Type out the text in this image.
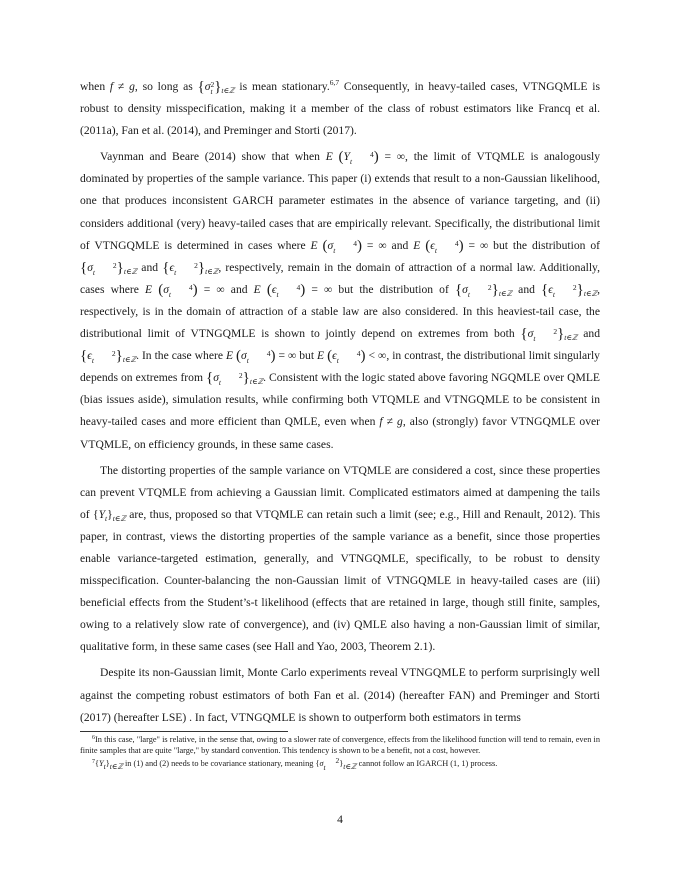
when f ≠ g, so long as {σ2
t }$_{t\in ℤ}$ is mean stationary.$^{6,7}$ Consequently, in heavy-tailed cases, VTNGQMLE is robust to density misspecification, making it a member of the class of robust estimators like Francq et al. (2011a), Fan et al. (2014), and Preminger and Storti (2017).

Vaynman and Beare (2014) show that when E (Y	4
t ) = ∞, the limit of VTQMLE is analogously dominated by properties of the sample variance. This paper (i) extends that result to a non-Gaussian likelihood, one that produces inconsistent GARCH parameter estimates in the absence of variance targeting, and (ii) considers additional (very) heavy-tailed cases that are empirically relevant. Specifically, the distributional limit of VTNGQMLE is determined in cases where E (σ	4
t ) = ∞ and E (ϵ	4
t ) = ∞ but the distribution of {σ	2
t }$_{t\in ℤ}$ and {ϵ	2
t }$_{t\in ℤ}$, respectively, remain in the domain of attraction of a normal law. Additionally, cases where E (σ	4
t ) = ∞ and E (ϵ	4
t ) = ∞ but the distribution of {σ	2
t }$_{t\in ℤ}$ and {ϵ	2
t }$_{t\in ℤ}$, respectively, is in the domain of attraction of a stable law are also considered. In this heaviest-tail case, the distributional limit of VTNGQMLE is shown to jointly depend on extremes from both {σ	2
t }$_{t\in ℤ}$ and {ϵ	2
t }$_{t\in ℤ}$. In the case where E (σ	4
t ) = ∞ but E (ϵ	4
t ) < ∞, in contrast, the distributional limit singularly depends on extremes from {σ	2
t }$_{t\in ℤ}$. Consistent with the logic stated above favoring NGQMLE over QMLE (bias issues aside), simulation results, while confirming both VTQMLE and VTNGQMLE to be consistent in heavy-tailed cases and more efficient than QMLE, even when f ≠ g, also (strongly) favor VTNGQMLE over VTQMLE, on efficiency grounds, in these same cases.

The distorting properties of the sample variance on VTQMLE are considered a cost, since these properties can prevent VTQMLE from achieving a Gaussian limit. Complicated estimators aimed at dampening the tails of $\{Y_t\}_{t\in ℤ}$ are, thus, proposed so that VTQMLE can retain such a limit (see; e.g., Hill and Renault, 2012). This paper, in contrast, views the distorting properties of the sample variance as a benefit, since those properties enable variance-targeted estimation, generally, and VTNGQMLE, specifically, to be robust to density misspecification. Counter-balancing the non-Gaussian limit of VTNGQMLE in heavy-tailed cases are (iii) beneficial effects from the Student’s-t likelihood (effects that are retained in large, though still finite, samples, owing to a relatively slow rate of convergence), and (iv) QMLE also having a non-Gaussian limit of similar, qualitative form, in these same cases (see Hall and Yao, 2003, Theorem 2.1).

Despite its non-Gaussian limit, Monte Carlo experiments reveal VTNGQMLE to perform surprisingly well against the competing robust estimators of both Fan et al. (2014) (hereafter FAN) and Preminger and Storti (2017) (hereafter LSE) . In fact, VTNGQMLE is shown to outperform both estimators in terms

$^6$In this case, "large" is relative, in the sense that, owing to a slower rate of convergence, effects from the likelihood function will tend to remain, even in finite samples that are quite "large," by standard convention. This tendency is shown to be a benefit, not a cost, however.

$^7\{Y_t\}_{t\in ℤ}$ in (1) and (2) needs to be covariance stationary, meaning {σ 2
t }$_{t\in ℤ}$ cannot follow an IGARCH (1, 1) process.

4
